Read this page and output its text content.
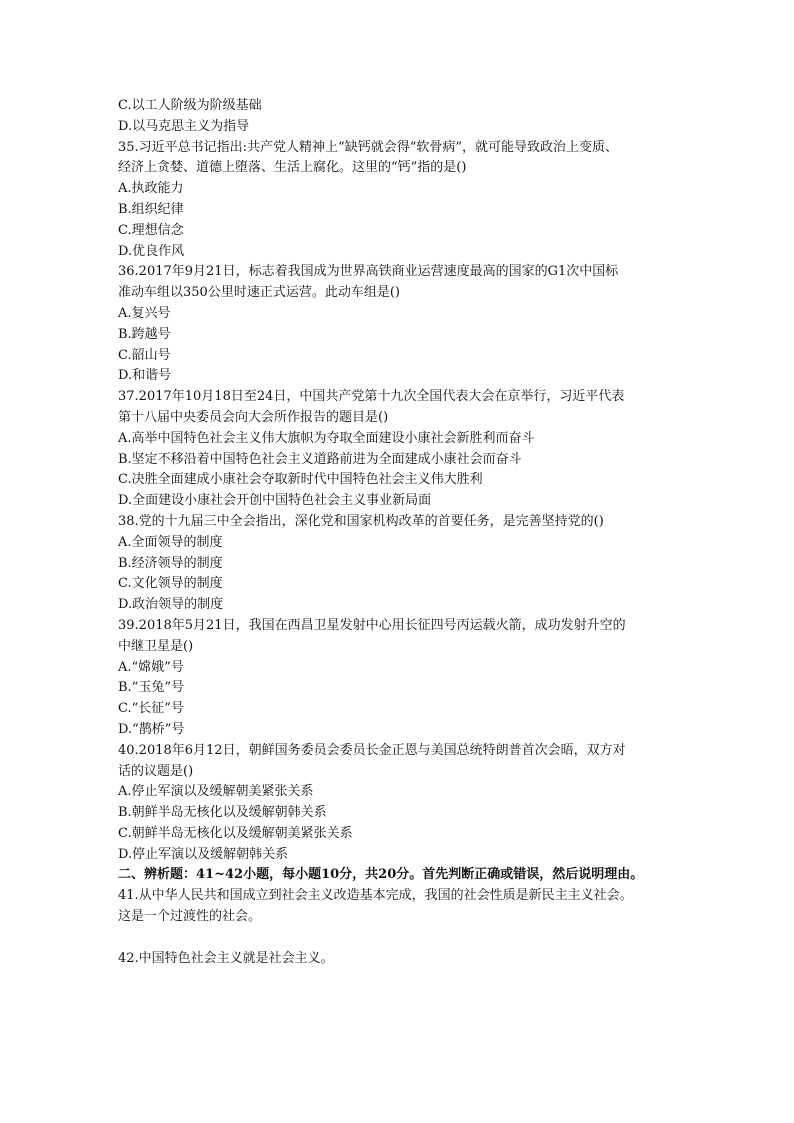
C.以工人阶级为阶级基础
D.以马克思主义为指导
35.习近平总书记指出:共产党人精神上“缺钙就会得“软骨病”，就可能导致政治上变质、
经济上贪婪、道德上堕落、生活上腐化。这里的“钙”指的是()
A.执政能力
B.组织纪律
C.理想信念
D.优良作风
36.2017年9月21日，标志着我国成为世界高铁商业运营速度最高的国家的G1次中国标
准动车组以350公里时速正式运营。此动车组是()
A.复兴号
B.跨越号
C.韶山号
D.和谐号
37.2017年10月18日至24日，中国共产党第十九次全国代表大会在京举行，习近平代表
第十八届中央委员会向大会所作报告的题目是()
A.高举中国特色社会主义伟大旗帜为夺取全面建设小康社会新胜利而奋斗
B.坚定不移沿着中国特色社会主义道路前进为全面建成小康社会而奋斗
C.决胜全面建成小康社会夺取新时代中国特色社会主义伟大胜利
D.全面建设小康社会开创中国特色社会主义事业新局面
38.党的十九届三中全会指出，深化党和国家机构改革的首要任务，是完善坚持党的()
A.全面领导的制度
B.经济领导的制度
C.文化领导的制度
D.政治领导的制度
39.2018年5月21日，我国在西昌卫星发射中心用长征四号丙运载火箭，成功发射升空的
中继卫星是()
A.“嫦娥”号
B.“玉兔”号
C.“长征”号
D.“鹊桥”号
40.2018年6月12日，朝鲜国务委员会委员长金正恩与美国总统特朗普首次会晤，双方对
话的议题是()
A.停止军演以及缓解朝美紧张关系
B.朝鲜半岛无核化以及缓解朝韩关系
C.朝鲜半岛无核化以及缓解朝美紧张关系
D.停止军演以及缓解朝韩关系
二、辨析题：41~42小题，每小题10分，共20分。首先判断正确或错误，然后说明理由。
41.从中华人民共和国成立到社会主义改造基本完成，我国的社会性质是新民主主义社会。
这是一个过渡性的社会。
42.中国特色社会主义就是社会主义。
